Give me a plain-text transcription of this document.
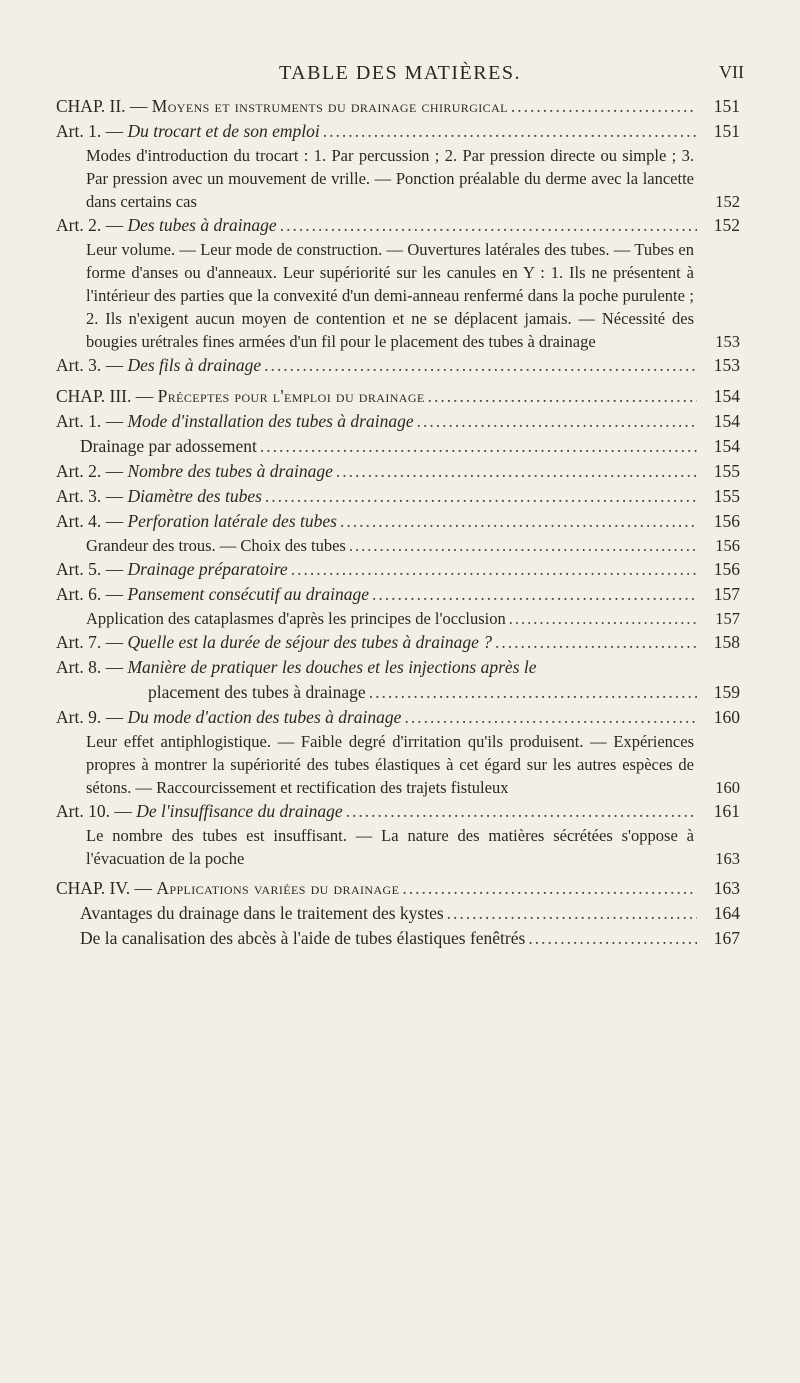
TABLE DES MATIÈRES.	VII
CHAP. II. — Moyens et instruments du drainage chirurgical .....	151
Art. 1. — Du trocart et de son emploi .....	151
Modes d'introduction du trocart : 1. Par percussion ; 2. Par pression directe ou simple ; 3. Par pression avec un mouvement de vrille. — Ponction préalable du derme avec la lancette dans certains cas	152
Art. 2. — Des tubes à drainage .....	152
Leur volume. — Leur mode de construction. — Ouvertures latérales des tubes. — Tubes en forme d'anses ou d'anneaux. Leur supériorité sur les canules en Y : 1. Ils ne présentent à l'intérieur des parties que la convexité d'un demi-anneau renfermé dans la poche purulente ; 2. Ils n'exigent aucun moyen de contention et ne se déplacent jamais. — Nécessité des bougies urétrales fines armées d'un fil pour le placement des tubes à drainage	153
Art. 3. — Des fils à drainage .....	153
CHAP. III. — Préceptes pour l'emploi du drainage .....	154
Art. 1. — Mode d'installation des tubes à drainage .....	154
Drainage par adossement .....	154
Art. 2. — Nombre des tubes à drainage .....	155
Art. 3. — Diamètre des tubes .....	155
Art. 4. — Perforation latérale des tubes .....	156
Grandeur des trous. — Choix des tubes .....	156
Art. 5. — Drainage préparatoire .....	156
Art. 6. — Pansement consécutif au drainage .....	157
Application des cataplasmes d'après les principes de l'occlusion .....	157
Art. 7. — Quelle est la durée de séjour des tubes à drainage ? .....	158
Art. 8. — Manière de pratiquer les douches et les injections après le
placement des tubes à drainage .....	159
Art. 9. — Du mode d'action des tubes à drainage .....	160
Leur effet antiphlogistique. — Faible degré d'irritation qu'ils produisent. — Expériences propres à montrer la supériorité des tubes élastiques à cet égard sur les autres espèces de sétons. — Raccourcissement et rectification des trajets fistuleux	160
Art. 10. — De l'insuffisance du drainage .....	161
Le nombre des tubes est insuffisant. — La nature des matières sécrétées s'oppose à l'évacuation de la poche	163
CHAP. IV. — Applications variées du drainage .....	163
Avantages du drainage dans le traitement des kystes .....	164
De la canalisation des abcès à l'aide de tubes élastiques fenêtrés .....	167
